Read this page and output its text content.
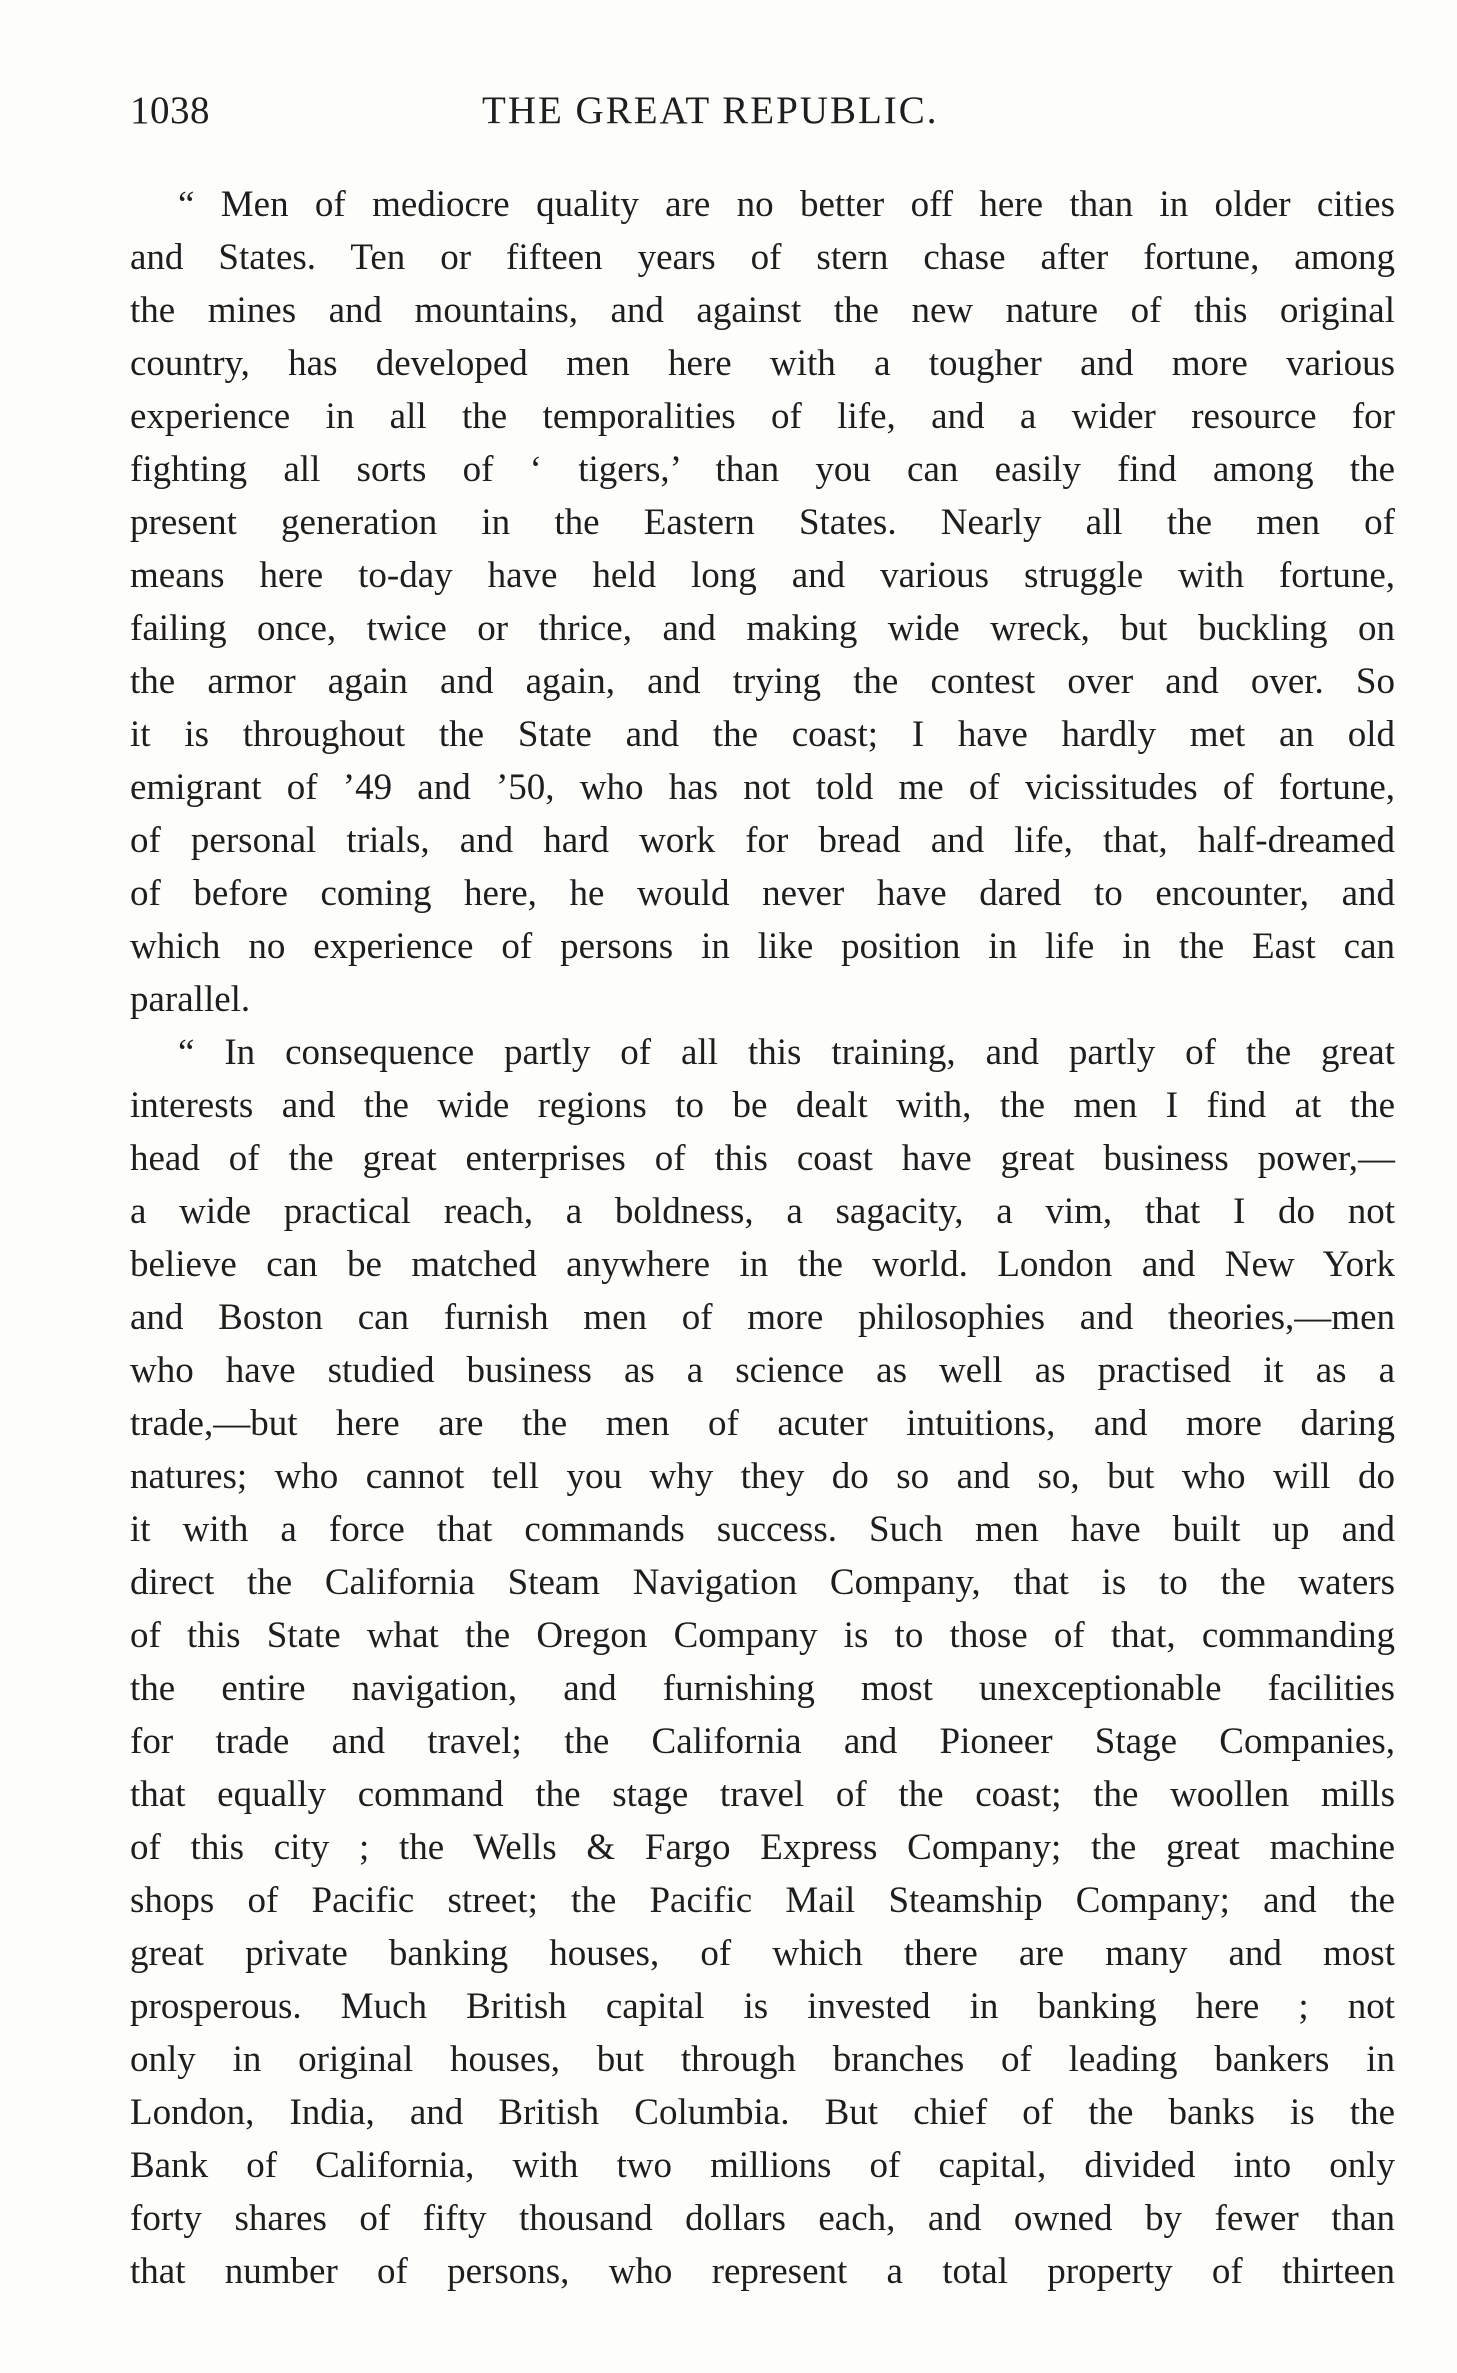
1038	THE GREAT REPUBLIC.
“ Men of mediocre quality are no better off here than in older cities
and States. Ten or fifteen years of stern chase after fortune, among
the mines and mountains, and against the new nature of this original
country, has developed men here with a tougher and more various
experience in all the temporalities of life, and a wider resource for
fighting all sorts of ‘ tigers,’ than you can easily find among the
present generation in the Eastern States. Nearly all the men of
means here to-day have held long and various struggle with fortune,
failing once, twice or thrice, and making wide wreck, but buckling on
the armor again and again, and trying the contest over and over. So
it is throughout the State and the coast; I have hardly met an old
emigrant of ’49 and ’50, who has not told me of vicissitudes of fortune,
of personal trials, and hard work for bread and life, that, half-dreamed
of before coming here, he would never have dared to encounter, and
which no experience of persons in like position in life in the East can
parallel.
“ In consequence partly of all this training, and partly of the great
interests and the wide regions to be dealt with, the men I find at the
head of the great enterprises of this coast have great business power,—
a wide practical reach, a boldness, a sagacity, a vim, that I do not
believe can be matched anywhere in the world. London and New York
and Boston can furnish men of more philosophies and theories,—men
who have studied business as a science as well as practised it as a
trade,—but here are the men of acuter intuitions, and more daring
natures; who cannot tell you why they do so and so, but who will do
it with a force that commands success. Such men have built up and
direct the California Steam Navigation Company, that is to the waters
of this State what the Oregon Company is to those of that, commanding
the entire navigation, and furnishing most unexceptionable facilities
for trade and travel; the California and Pioneer Stage Companies,
that equally command the stage travel of the coast; the woollen mills
of this city ; the Wells & Fargo Express Company; the great machine
shops of Pacific street; the Pacific Mail Steamship Company; and the
great private banking houses, of which there are many and most
prosperous. Much British capital is invested in banking here ; not
only in original houses, but through branches of leading bankers in
London, India, and British Columbia. But chief of the banks is the
Bank of California, with two millions of capital, divided into only
forty shares of fifty thousand dollars each, and owned by fewer than
that number of persons, who represent a total property of thirteen
